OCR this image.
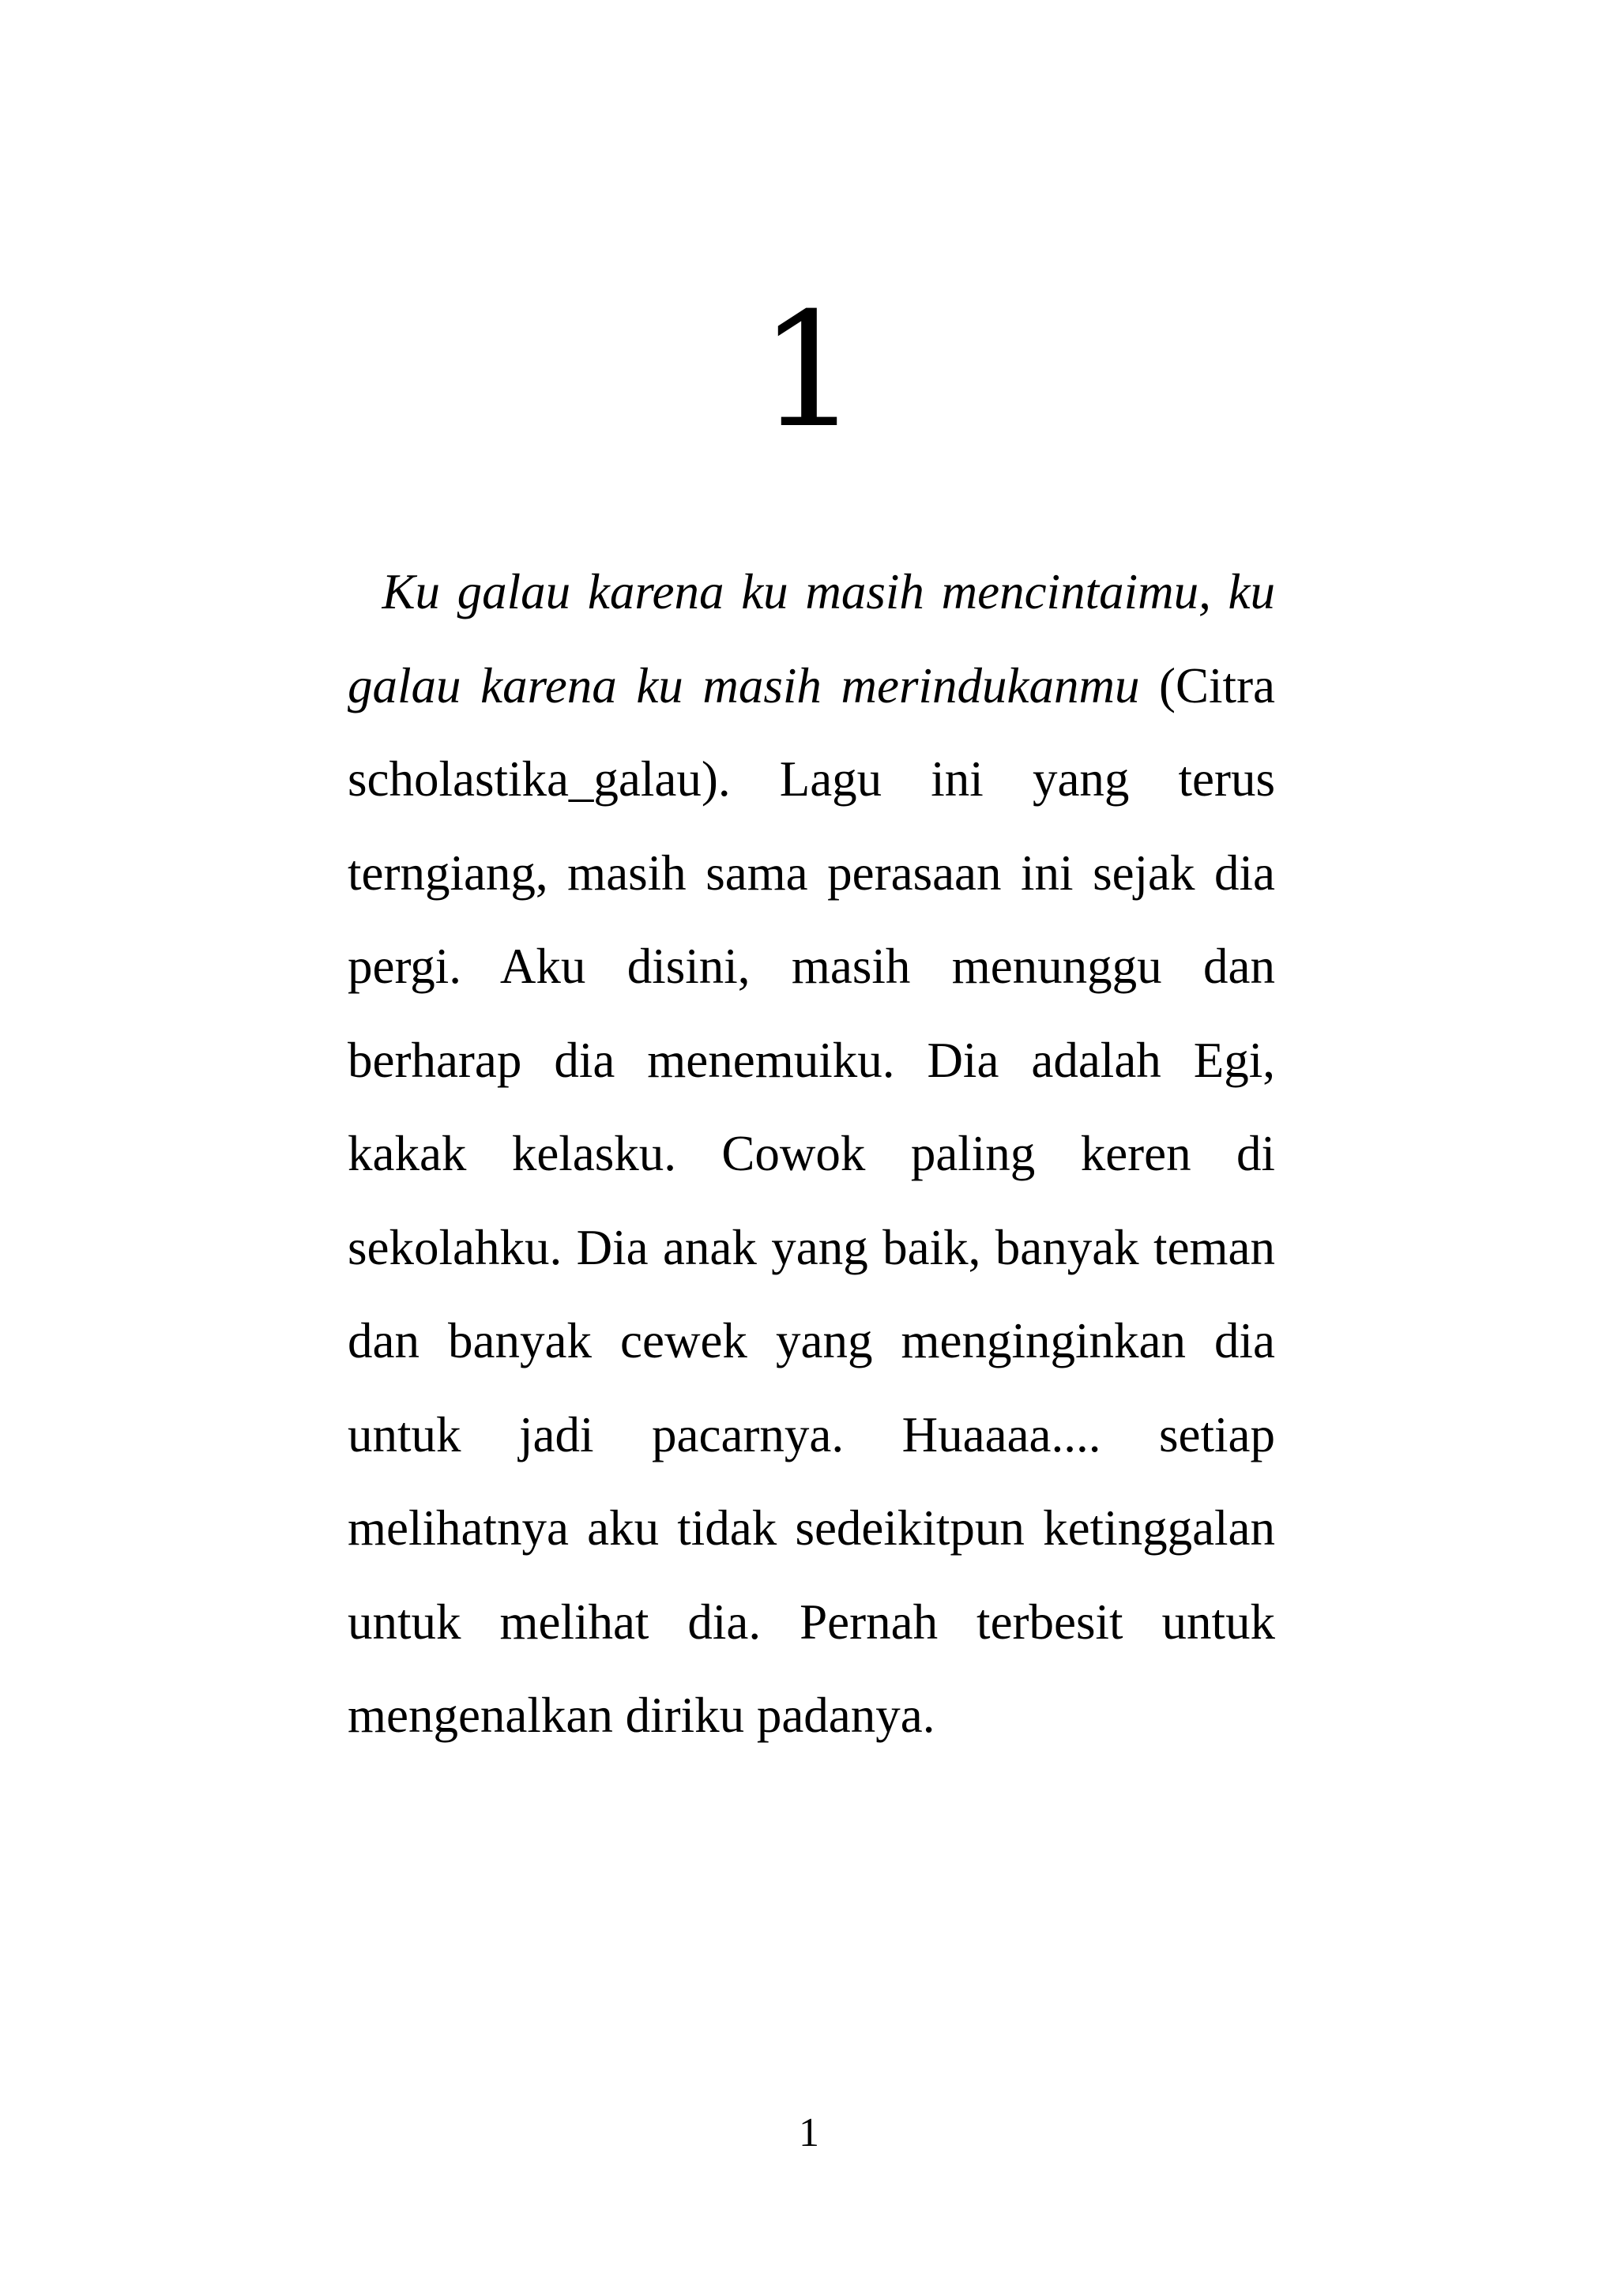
1

Ku galau karena ku masih mencintaimu, ku galau karena ku masih merindukanmu (Citra scholastika_galau). Lagu ini yang terus terngiang, masih sama perasaan ini sejak dia pergi. Aku disini, masih menunggu dan berharap dia menemuiku. Dia adalah Egi, kakak kelasku. Cowok paling keren di sekolahku. Dia anak yang baik, banyak teman dan banyak cewek yang menginginkan dia untuk jadi pacarnya. Huaaaa.... setiap melihatnya aku tidak sedeikitpun ketinggalan untuk melihat dia. Pernah terbesit untuk mengenalkan diriku padanya.

1
